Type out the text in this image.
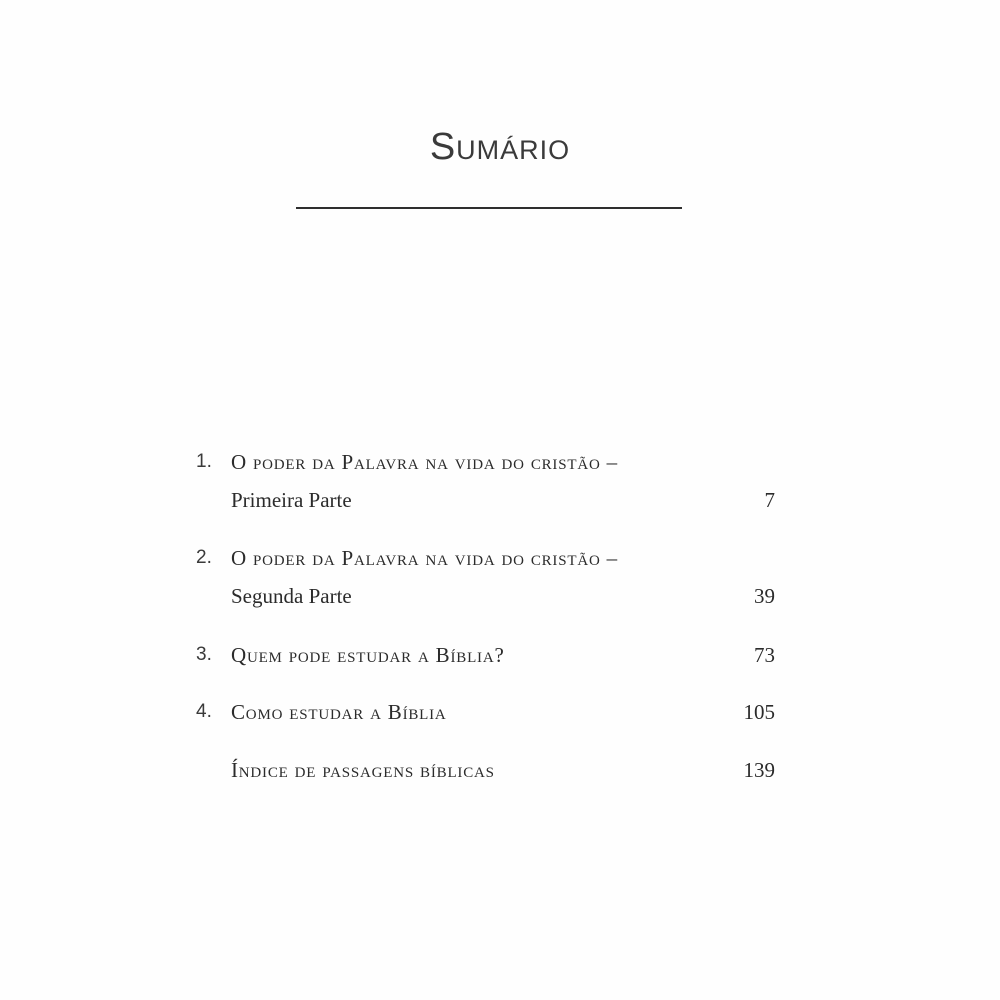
Sumário
1. O poder da Palavra na vida do cristão –
Primeira Parte	7
2. O poder da Palavra na vida do cristão –
Segunda Parte	39
3. Quem pode estudar a Bíblia?	73
4. Como estudar a Bíblia	105
Índice de passagens bíblicas	139
